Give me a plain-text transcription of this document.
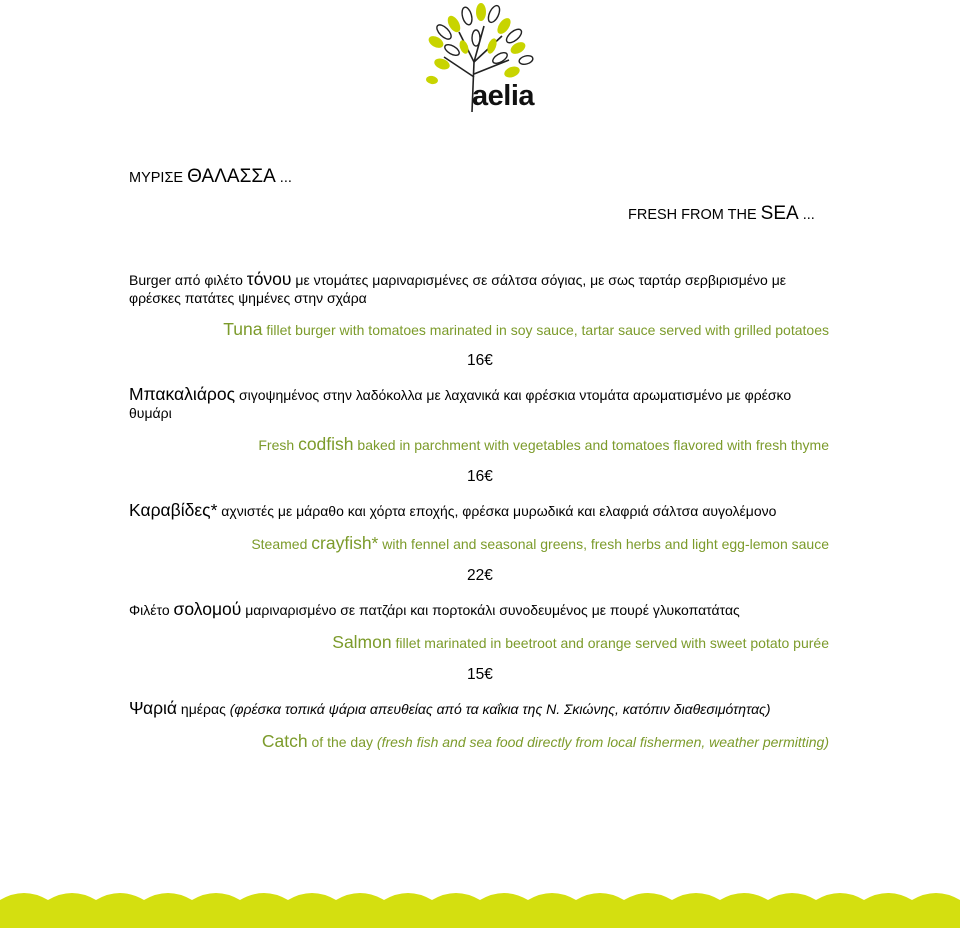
aelia
ΜΥΡΙΣΕ ΘΑΛΑΣΣΑ ...
FRESH FROM THE SEA ...
Burger από φιλέτο τόνου με ντομάτες μαριναρισμένες σε σάλτσα σόγιας, με σως ταρτάρ σερβιρισμένο με φρέσκες πατάτες ψημένες στην σχάρα
Tuna fillet burger with tomatoes marinated in soy sauce, tartar sauce served with grilled potatoes
16€
Μπακαλιάρος σιγοψημένος στην λαδόκολλα με λαχανικά και φρέσκια ντομάτα αρωματισμένο με φρέσκο θυμάρι
Fresh codfish baked in parchment with vegetables and tomatoes flavored with fresh thyme
16€
Καραβίδες* αχνιστές με μάραθο και χόρτα εποχής, φρέσκα μυρωδικά και ελαφριά σάλτσα αυγολέμονο
Steamed crayfish* with fennel and seasonal greens, fresh herbs and light egg-lemon sauce
22€
Φιλέτο σολομού μαριναρισμένο σε πατζάρι και πορτοκάλι συνοδευμένος με πουρέ γλυκοπατάτας
Salmon fillet marinated in beetroot and orange served with sweet potato purée
15€
Ψαριά ημέρας (φρέσκα τοπικά ψάρια απευθείας από τα καΐκια της Ν. Σκιώνης, κατόπιν διαθεσιμότητας)
Catch of the day (fresh fish and sea food directly from local fishermen, weather permitting)
